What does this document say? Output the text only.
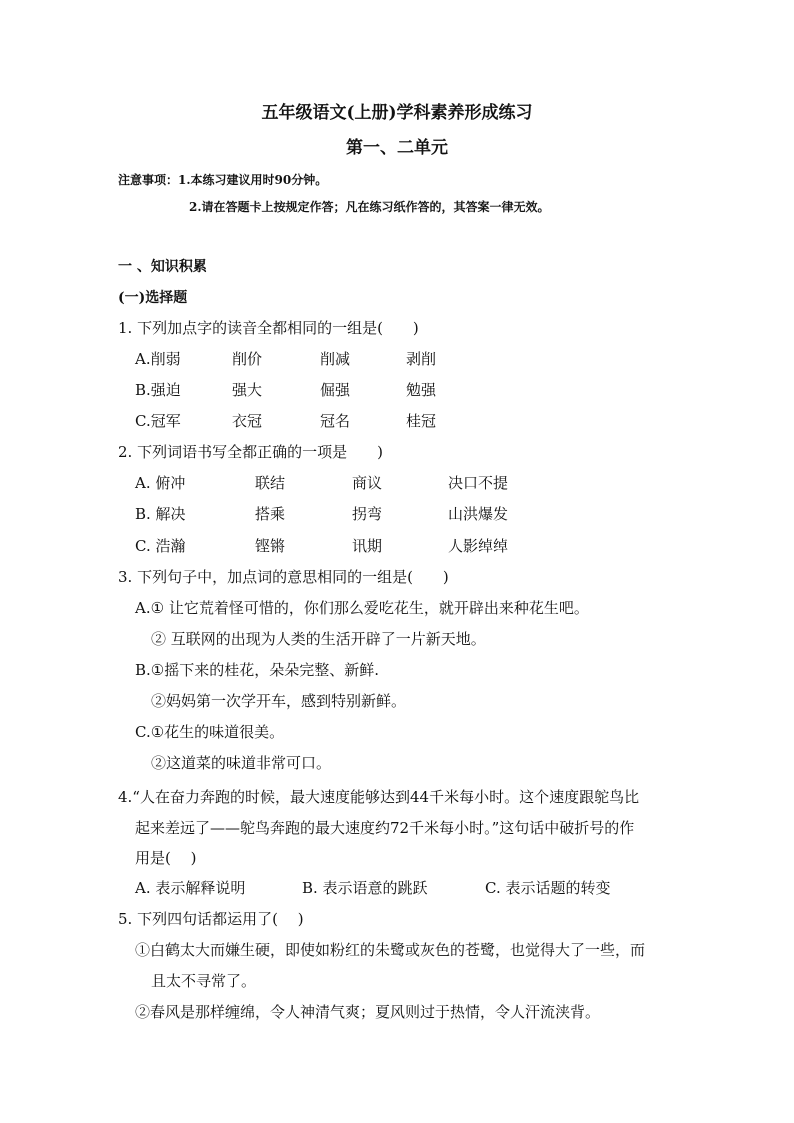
五年级语文(上册)学科素养形成练习
第一、二单元
注意事项：1.本练习建议用时90分钟。
2.请在答题卡上按规定作答；凡在练习纸作答的，其答案一律无效。
一 、知识积累
(一)选择题
1. 下列加点字的读音全都相同的一组是(　　)
A.削弱	削价	削减	剥削
B.强迫	强大	倔强	勉强
C.冠军	衣冠	冠名	桂冠
2. 下列词语书写全都正确的一项是　　)
A. 俯冲	联结	商议	决口不提
B. 解决	搭乘	拐弯	山洪爆发
C. 浩瀚	铿锵	讯期	人影绰绰
3. 下列句子中，加点词的意思相同的一组是(　　)
A.① 让它荒着怪可惜的，你们那么爱吃花生，就开辟出来种花生吧。
② 互联网的出现为人类的生活开辟了一片新天地。
B.①摇下来的桂花，朵朵完整、新鲜.
②妈妈第一次学开车，感到特别新鲜。
C.①花生的味道很美。
②这道菜的味道非常可口。
4.“人在奋力奔跑的时候，最大速度能够达到44千米每小时。这个速度跟鸵鸟比
起来差远了——鸵鸟奔跑的最大速度约72千米每小时。”这句话中破折号的作
用是(　 )
A. 表示解释说明	B. 表示语意的跳跃	C. 表示话题的转变
5. 下列四句话都运用了(　 )
①白鹤太大而嫌生硬，即使如粉红的朱鹭或灰色的苍鹭，也觉得大了一些，而
且太不寻常了。
②春风是那样缠绵，令人神清气爽；夏风则过于热情，令人汗流浃背。
